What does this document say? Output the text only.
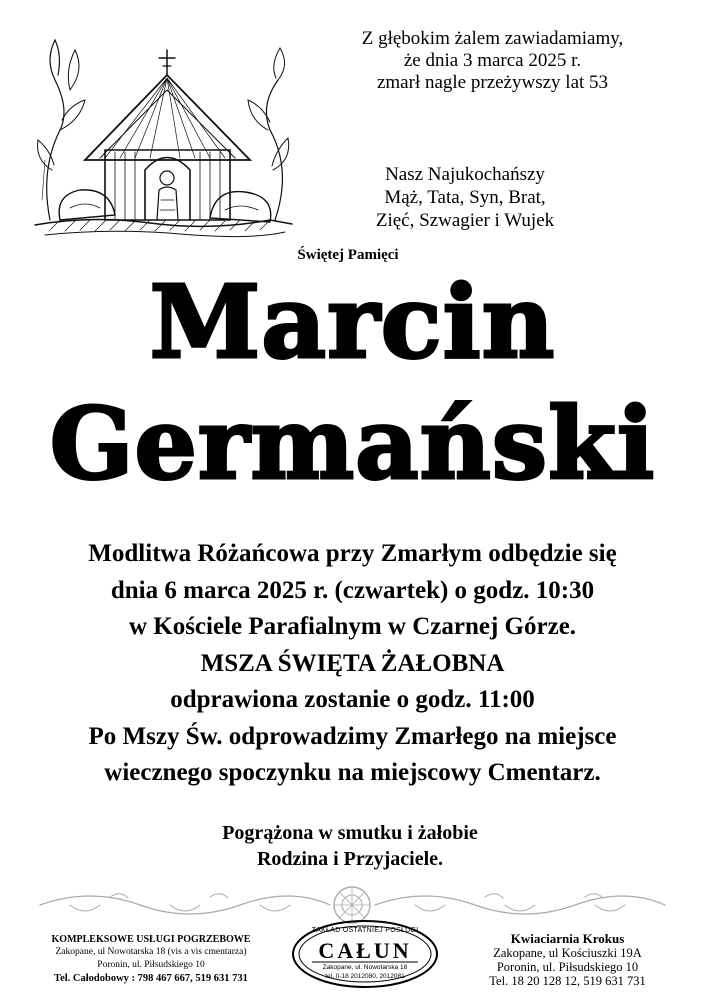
Z głębokim żalem zawiadamiamy,
że dnia 3 marca 2025 r.
zmarł nagle przeżywszy lat 53
Nasz Najukochańszy
Mąż, Tata, Syn, Brat,
Zięć, Szwagier i Wujek
Świętej Pamięci
Marcin
Germański
Modlitwa Różańcowa przy Zmarłym odbędzie się
dnia 6 marca 2025 r. (czwartek) o godz. 10:30
w Kościele Parafialnym w Czarnej Górze.
MSZA ŚWIĘTA ŻAŁOBNA
odprawiona zostanie o godz. 11:00
Po Mszy Św. odprowadzimy Zmarłego na miejsce
wiecznego spoczynku na miejscowy Cmentarz.
Pogrążona w smutku i żałobie
Rodzina i Przyjaciele.
KOMPLEKSOWE USŁUGI POGRZEBOWE
Zakopane, ul Nowotarska 18 (vis a vis cmentarza)
Poronin, ul. Piłsudskiego 10
Tel. Całodobowy : 798 467 667, 519 631 731
ZAKŁAD OSTATNIEJ POSŁUGI
CAŁUN
Zakopane, ul. Nowotarska 18
tel. 0-18 2012080, 2012081
Kwiaciarnia Krokus
Zakopane, ul Kościuszki 19A
Poronin, ul. Piłsudskiego 10
Tel. 18 20 128 12, 519 631 731
